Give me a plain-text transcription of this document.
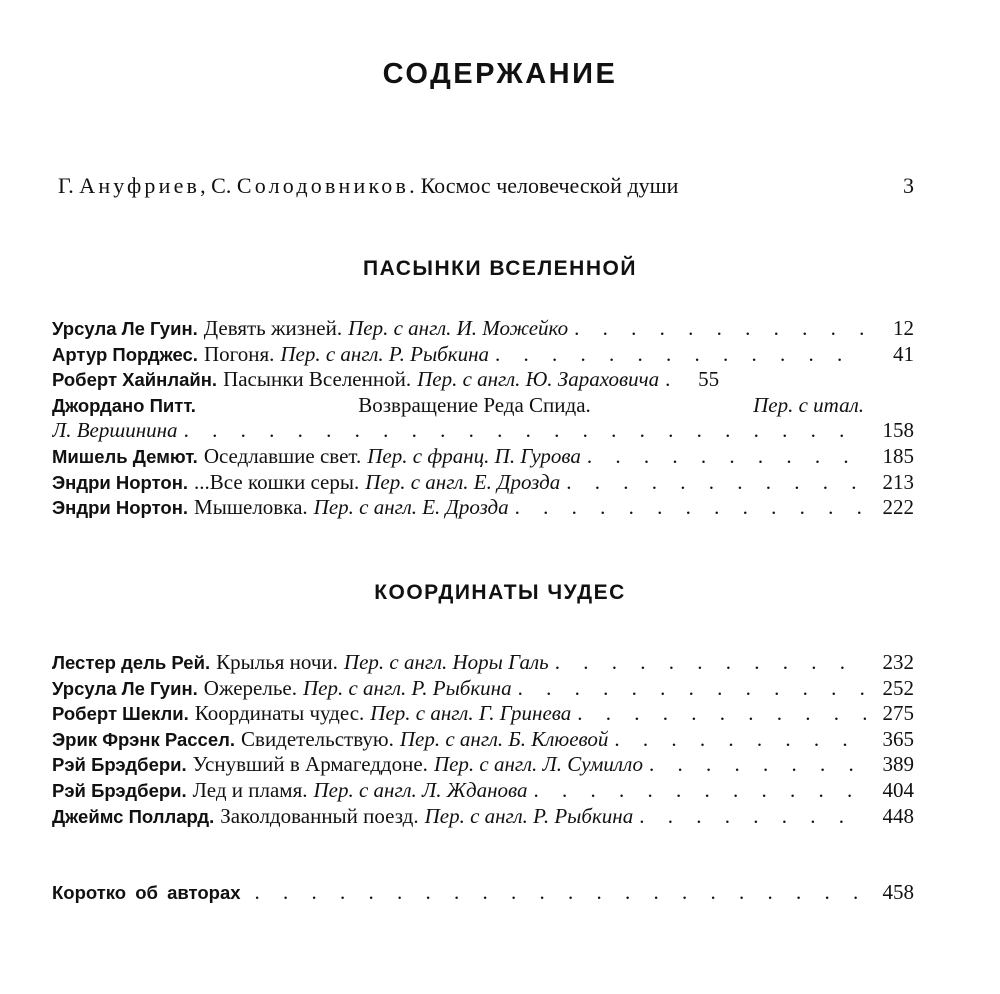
СОДЕРЖАНИЕ
Г. Ануфриев, С. Солодовников. Космос человеческой души	3
ПАСЫНКИ ВСЕЛЕННОЙ
Урсула Ле Гуин. Девять жизней. Пер. с англ. И. Можейко . . .	12
Артур Порджес. Погоня. Пер. с англ. Р. Рыбкина . . .	41
Роберт Хайнлайн. Пасынки Вселенной. Пер. с англ. Ю. Зараховича . . .	55
Джордано Питт.	Возвращение Реда Спида.	Пер. с итал.
Л. Вершинина . . .	158
Мишель Демют. Оседлавшие свет. Пер. с франц. П. Гурова . . .	185
Эндри Нортон. ...Все кошки серы. Пер. с англ. Е. Дрозда . . .	213
Эндри Нортон. Мышеловка. Пер. с англ. Е. Дрозда . . .	222
КООРДИНАТЫ ЧУДЕС
Лестер дель Рей. Крылья ночи. Пер. с англ. Норы Галь . . .	232
Урсула Ле Гуин. Ожерелье. Пер. с англ. Р. Рыбкина . . .	252
Роберт Шекли. Координаты чудес. Пер. с англ. Г. Гринева . . .	275
Эрик Фрэнк Рассел. Свидетельствую. Пер. с англ. Б. Клюевой . . .	365
Рэй Брэдбери. Уснувший в Армагеддоне. Пер. с англ. Л. Сумилло . . .	389
Рэй Брэдбери. Лед и пламя. Пер. с англ. Л. Жданова . . .	404
Джеймс Поллард. Заколдованный поезд. Пер. с англ. Р. Рыбкина . . .	448
Коротко об авторах . . .	458
